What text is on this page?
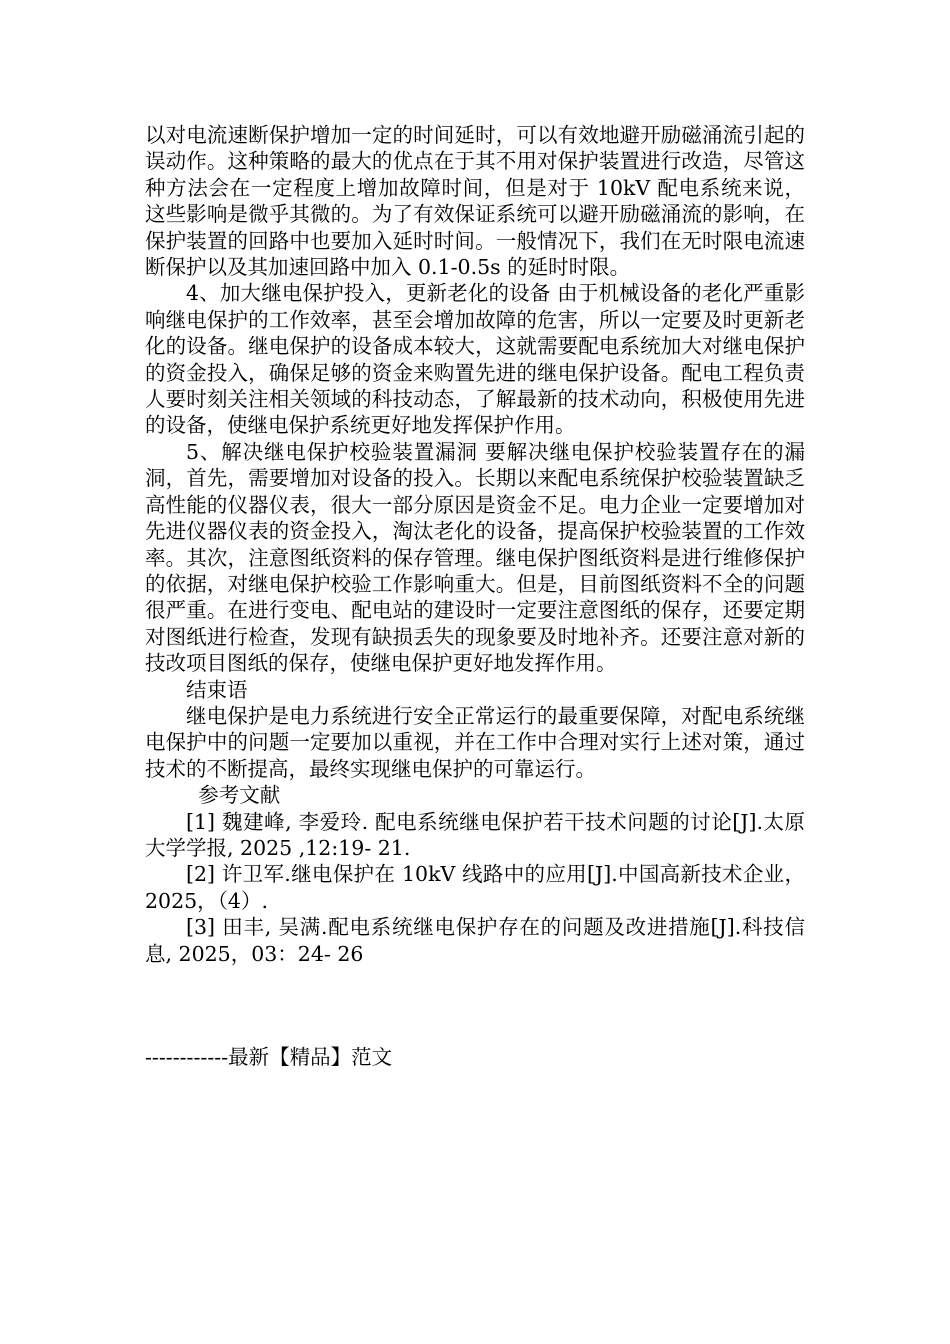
以对电流速断保护增加一定的时间延时，可以有效地避开励磁涌流引起的误动作。这种策略的最大的优点在于其不用对保护装置进行改造，尽管这种方法会在一定程度上增加故障时间，但是对于 10kV 配电系统来说，这些影响是微乎其微的。为了有效保证系统可以避开励磁涌流的影响，在保护装置的回路中也要加入延时时间。一般情况下，我们在无时限电流速断保护以及其加速回路中加入 0.1-0.5s 的延时时限。

4、加大继电保护投入，更新老化的设备 由于机械设备的老化严重影响继电保护的工作效率，甚至会增加故障的危害，所以一定要及时更新老化的设备。继电保护的设备成本较大，这就需要配电系统加大对继电保护的资金投入，确保足够的资金来购置先进的继电保护设备。配电工程负责人要时刻关注相关领域的科技动态，了解最新的技术动向，积极使用先进的设备，使继电保护系统更好地发挥保护作用。

5、解决继电保护校验装置漏洞 要解决继电保护校验装置存在的漏洞，首先，需要增加对设备的投入。长期以来配电系统保护校验装置缺乏高性能的仪器仪表，很大一部分原因是资金不足。电力企业一定要增加对先进仪器仪表的资金投入，淘汰老化的设备，提高保护校验装置的工作效率。其次，注意图纸资料的保存管理。继电保护图纸资料是进行维修保护的依据，对继电保护校验工作影响重大。但是，目前图纸资料不全的问题很严重。在进行变电、配电站的建设时一定要注意图纸的保存，还要定期对图纸进行检查，发现有缺损丢失的现象要及时地补齐。还要注意对新的技改项目图纸的保存，使继电保护更好地发挥作用。

结束语

继电保护是电力系统进行安全正常运行的最重要保障，对配电系统继电保护中的问题一定要加以重视，并在工作中合理对实行上述对策，通过技术的不断提高，最终实现继电保护的可靠运行。

参考文献

[1] 魏建峰, 李爱玲. 配电系统继电保护若干技术问题的讨论[J].太原大学学报, 2025 ,12:19- 21.

[2] 许卫军.继电保护在 10kV 线路中的应用[J].中国高新技术企业，2025，（4）.

[3] 田丰, 吴满.配电系统继电保护存在的问题及改进措施[J].科技信息, 2025，03：24- 26

------------最新【精品】范文
